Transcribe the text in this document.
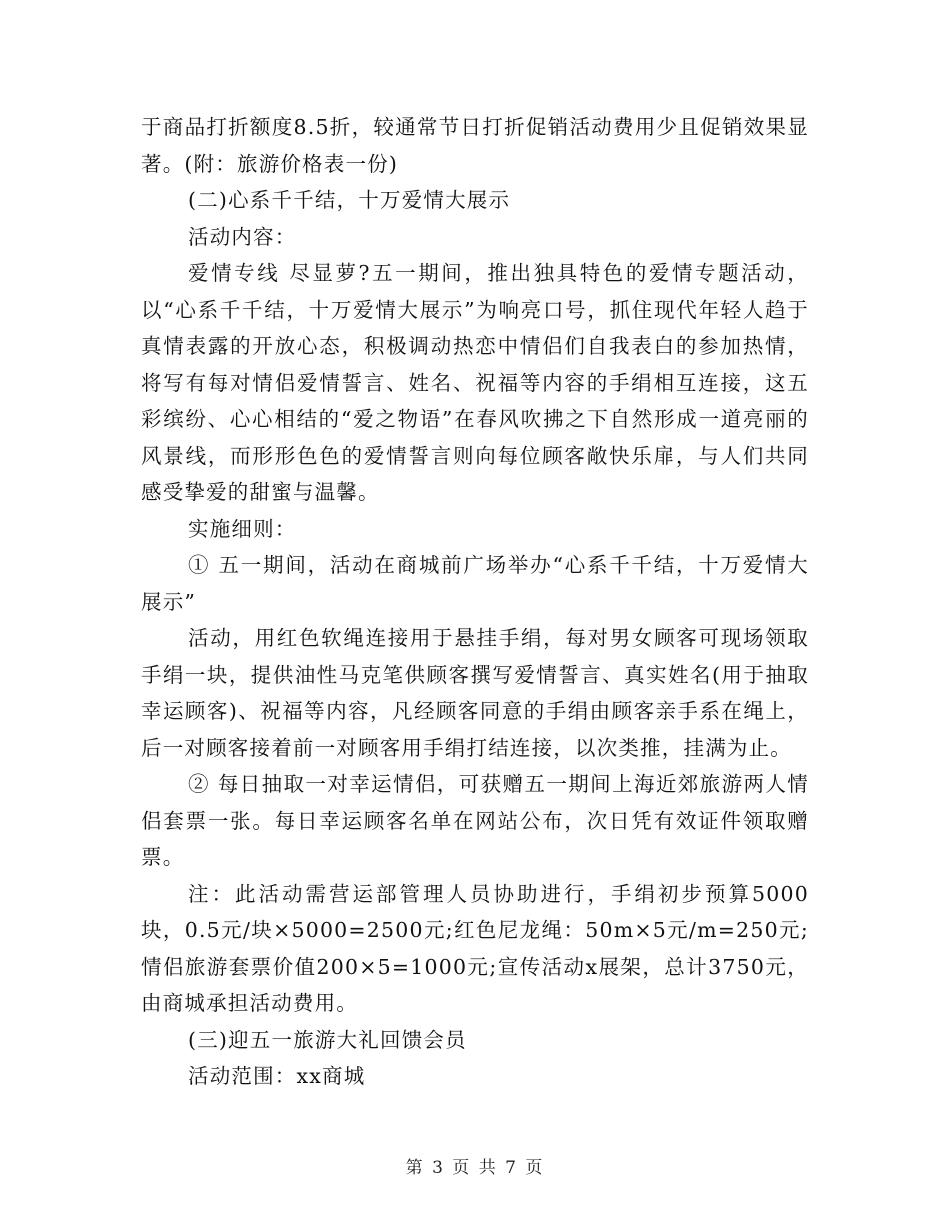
于商品打折额度8.5折，较通常节日打折促销活动费用少且促销效果显著。(附：旅游价格表一份)

(二)心系千千结，十万爱情大展示

活动内容：

爱情专线 尽显萝?五一期间，推出独具特色的爱情专题活动，以“心系千千结，十万爱情大展示”为响亮口号，抓住现代年轻人趋于真情表露的开放心态，积极调动热恋中情侣们自我表白的参加热情，将写有每对情侣爱情誓言、姓名、祝福等内容的手绢相互连接，这五彩缤纷、心心相结的“爱之物语”在春风吹拂之下自然形成一道亮丽的风景线，而形形色色的爱情誓言则向每位顾客敞快乐扉，与人们共同感受挚爱的甜蜜与温馨。

实施细则：

① 五一期间，活动在商城前广场举办“心系千千结，十万爱情大展示”

活动，用红色软绳连接用于悬挂手绢，每对男女顾客可现场领取手绢一块，提供油性马克笔供顾客撰写爱情誓言、真实姓名(用于抽取幸运顾客)、祝福等内容，凡经顾客同意的手绢由顾客亲手系在绳上，后一对顾客接着前一对顾客用手绢打结连接，以次类推，挂满为止。

② 每日抽取一对幸运情侣，可获赠五一期间上海近郊旅游两人情侣套票一张。每日幸运顾客名单在网站公布，次日凭有效证件领取赠票。

注：此活动需营运部管理人员协助进行，手绢初步预算5000块，0.5元/块×5000=2500元;红色尼龙绳：50m×5元/m=250元;情侣旅游套票价值200×5=1000元;宣传活动x展架，总计3750元，由商城承担活动费用。

(三)迎五一旅游大礼回馈会员

活动范围：xx商城

第 3 页 共 7 页
